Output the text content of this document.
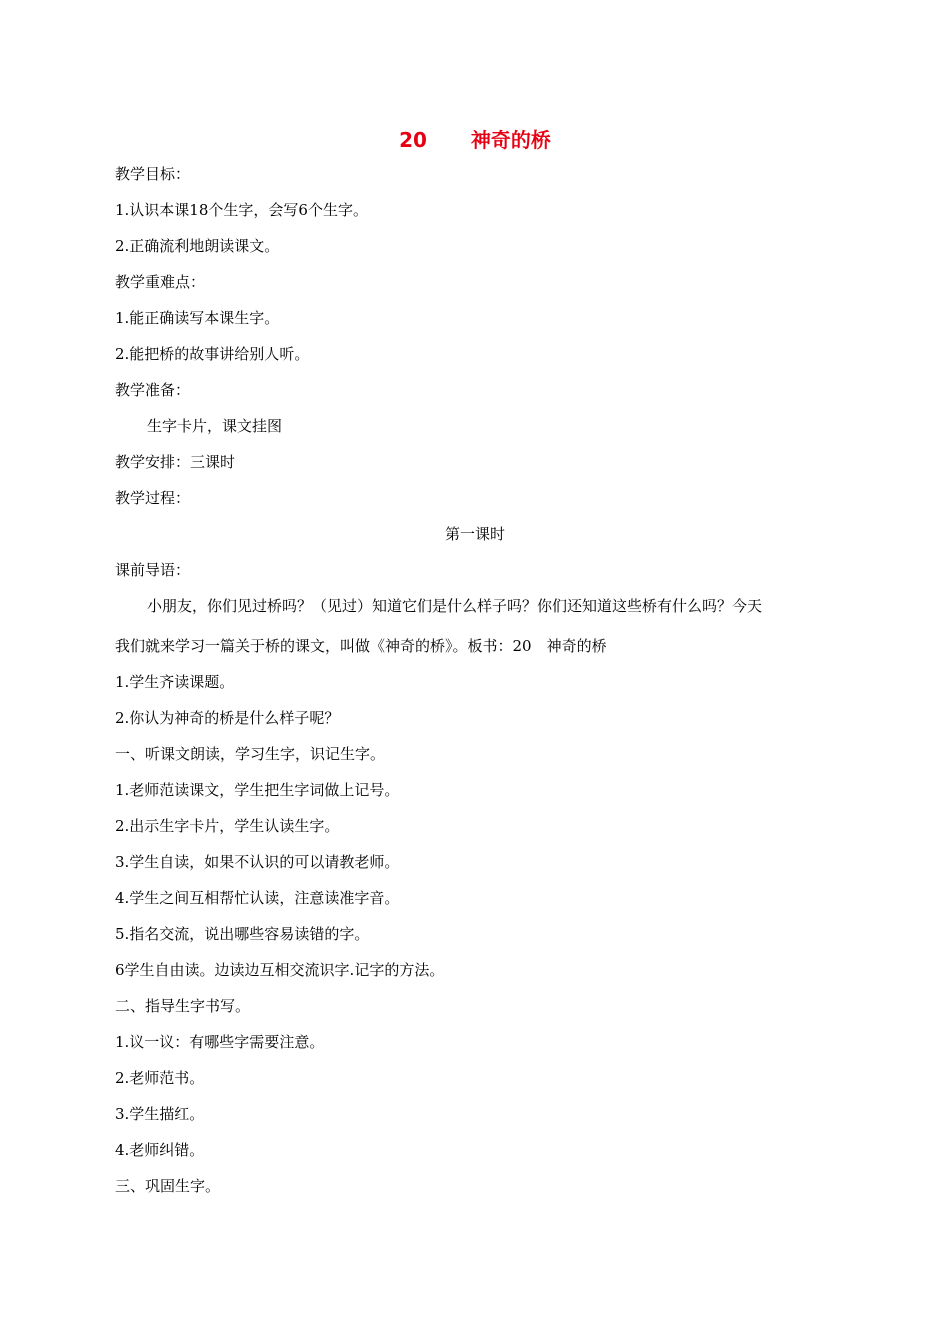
20 神奇的桥
教学目标：
1.认识本课18个生字，会写6个生字。
2.正确流利地朗读课文。
教学重难点：
1.能正确读写本课生字。
2.能把桥的故事讲给别人听。
教学准备：
生字卡片，课文挂图
教学安排：三课时
教学过程：
第一课时
课前导语：
小朋友，你们见过桥吗？（见过）知道它们是什么样子吗？你们还知道这些桥有什么吗？今天
我们就来学习一篇关于桥的课文，叫做《神奇的桥》。板书：20　神奇的桥
1.学生齐读课题。
2.你认为神奇的桥是什么样子呢？
一、听课文朗读，学习生字，识记生字。
1.老师范读课文，学生把生字词做上记号。
2.出示生字卡片，学生认读生字。
3.学生自读，如果不认识的可以请教老师。
4.学生之间互相帮忙认读，注意读准字音。
5.指名交流，说出哪些容易读错的字。
6学生自由读。边读边互相交流识字.记字的方法。
二、指导生字书写。
1.议一议：有哪些字需要注意。
2.老师范书。
3.学生描红。
4.老师纠错。
三、巩固生字。
